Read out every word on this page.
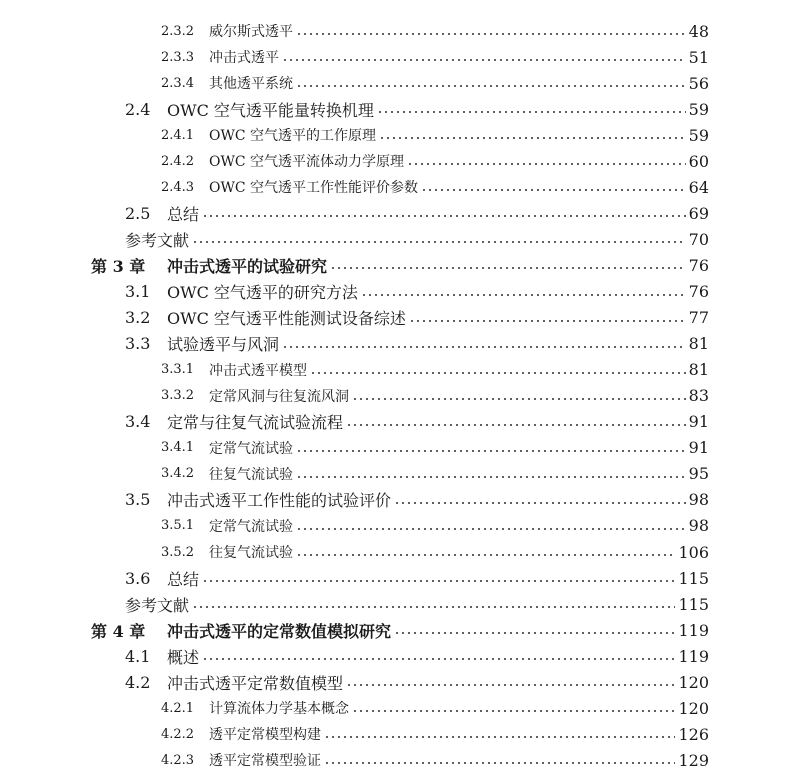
2.3.2	威尔斯式透平	48
2.3.3	冲击式透平	51
2.3.4	其他透平系统	56
2.4	OWC 空气透平能量转换机理	59
2.4.1	OWC 空气透平的工作原理	59
2.4.2	OWC 空气透平流体动力学原理	60
2.4.3	OWC 空气透平工作性能评价参数	64
2.5	总结	69
参考文献	70
第 3 章	冲击式透平的试验研究	76
3.1	OWC 空气透平的研究方法	76
3.2	OWC 空气透平性能测试设备综述	77
3.3	试验透平与风洞	81
3.3.1	冲击式透平模型	81
3.3.2	定常风洞与往复流风洞	83
3.4	定常与往复气流试验流程	91
3.4.1	定常气流试验	91
3.4.2	往复气流试验	95
3.5	冲击式透平工作性能的试验评价	98
3.5.1	定常气流试验	98
3.5.2	往复气流试验	106
3.6	总结	115
参考文献	115
第 4 章	冲击式透平的定常数值模拟研究	119
4.1	概述	119
4.2	冲击式透平定常数值模型	120
4.2.1	计算流体力学基本概念	120
4.2.2	透平定常模型构建	126
4.2.3	透平定常模型验证	129
